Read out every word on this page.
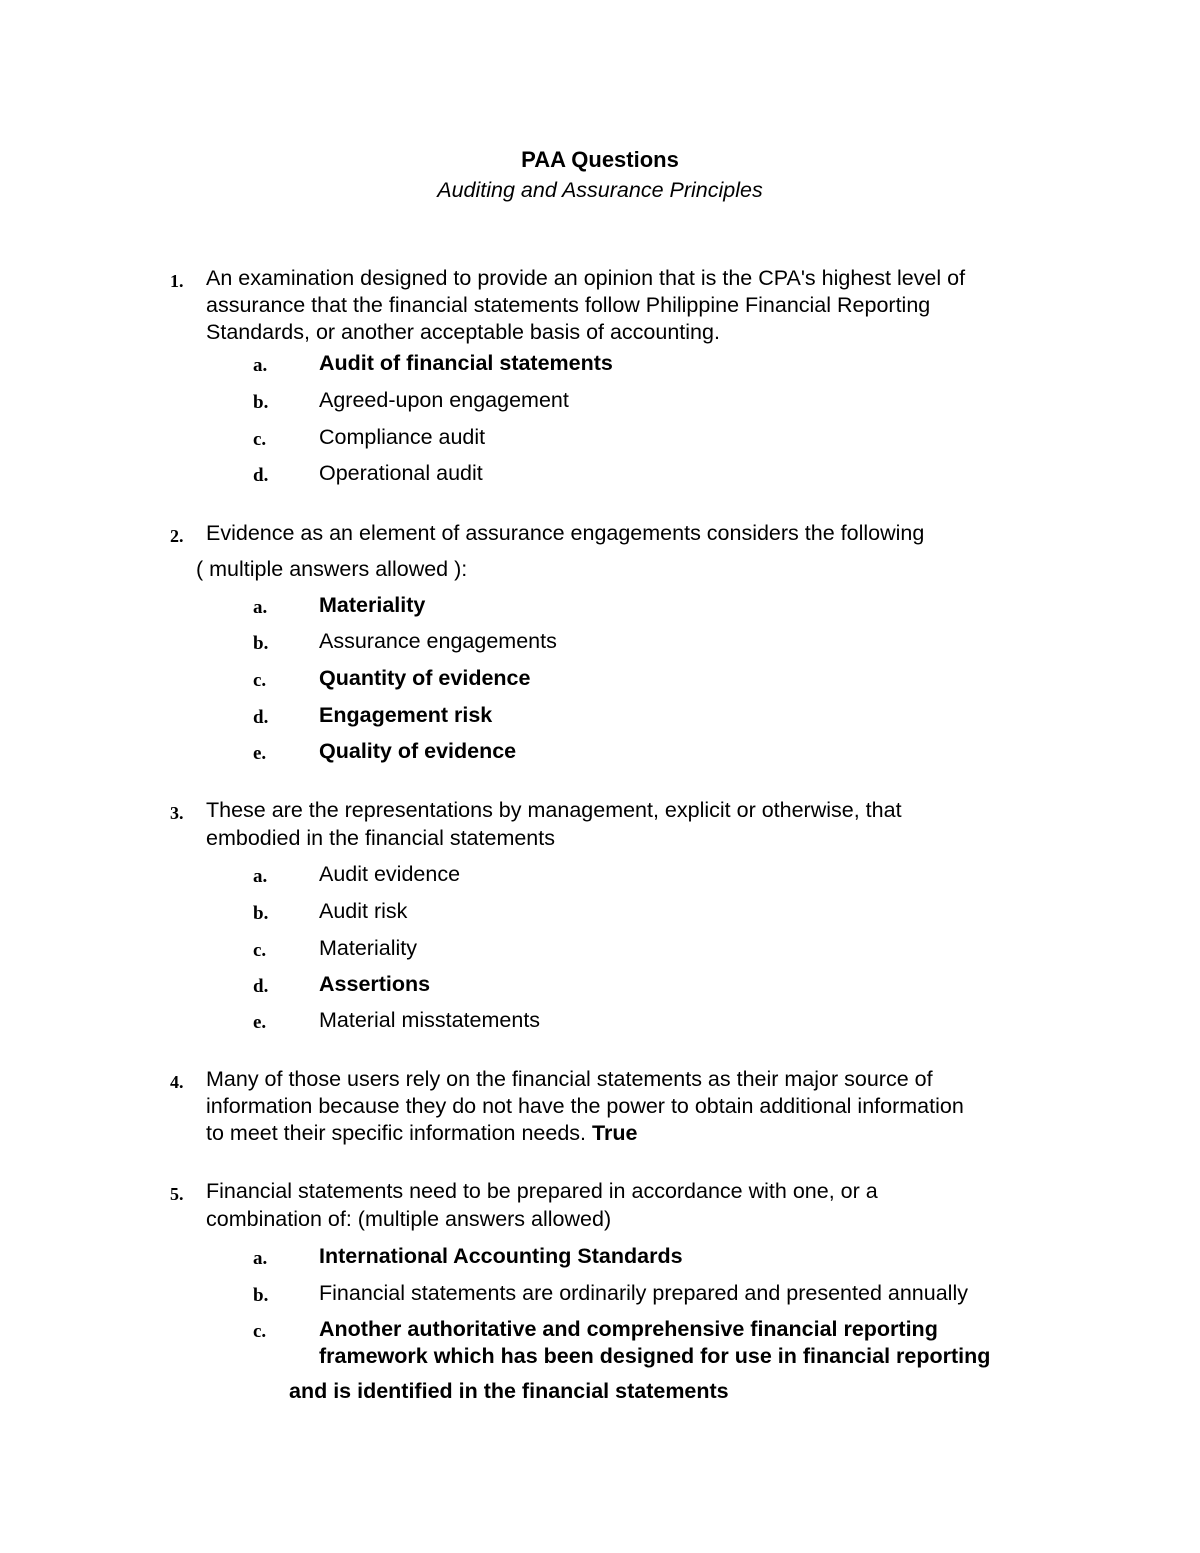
PAA Questions
Auditing and Assurance Principles
1. An examination designed to provide an opinion that is the CPA's highest level of
assurance that the financial statements follow Philippine Financial Reporting
Standards, or another acceptable basis of accounting.
a. Audit of financial statements
b. Agreed-upon engagement
c. Compliance audit
d. Operational audit
2. Evidence as an element of assurance engagements considers the following
( multiple answers allowed ):
a. Materiality
b. Assurance engagements
c. Quantity of evidence
d. Engagement risk
e. Quality of evidence
3. These are the representations by management, explicit or otherwise, that
embodied in the financial statements
a. Audit evidence
b. Audit risk
c. Materiality
d. Assertions
e. Material misstatements
4. Many of those users rely on the financial statements as their major source of
information because they do not have the power to obtain additional information
to meet their specific information needs. True
5. Financial statements need to be prepared in accordance with one, or a
combination of: (multiple answers allowed)
a. International Accounting Standards
b. Financial statements are ordinarily prepared and presented annually
c. Another authoritative and comprehensive financial reporting
framework which has been designed for use in financial reporting
and is identified in the financial statements
